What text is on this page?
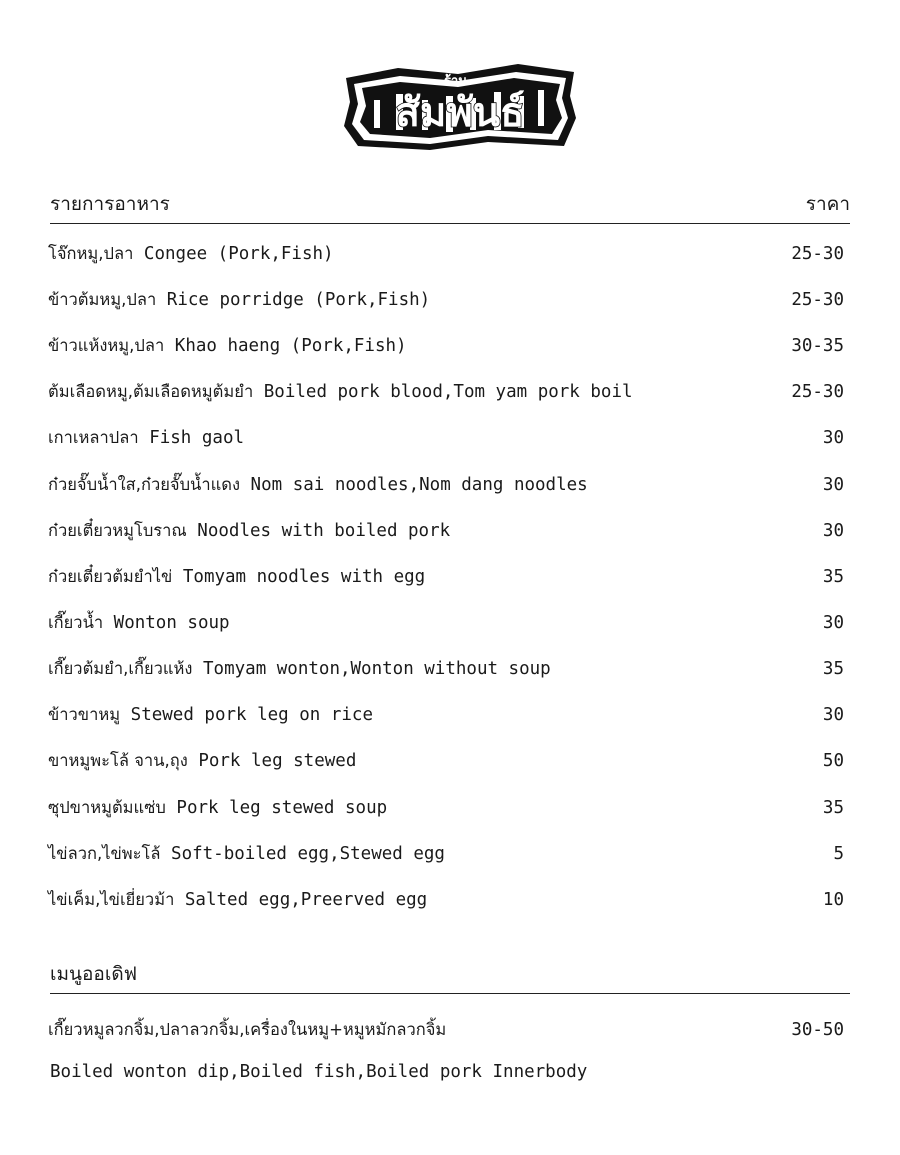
ร้าน
สัมพันธ์
รายการอาหาร	ราคา
โจ๊กหมู,ปลา Congee (Pork,Fish)	25-30
ข้าวต้มหมู,ปลา Rice porridge (Pork,Fish)	25-30
ข้าวแห้งหมู,ปลา Khao haeng (Pork,Fish)	30-35
ต้มเลือดหมู,ต้มเลือดหมูต้มยำ Boiled pork blood,Tom yam pork boil	25-30
เกาเหลาปลา Fish gaol	30
ก๋วยจั๊บน้ำใส,ก๋วยจั๊บน้ำแดง Nom sai noodles,Nom dang noodles	30
ก๋วยเตี๋ยวหมูโบราณ Noodles with boiled pork	30
ก๋วยเตี๋ยวต้มยำไข่ Tomyam noodles with egg	35
เกี๊ยวน้ำ Wonton soup	30
เกี๊ยวต้มยำ,เกี๊ยวแห้ง Tomyam wonton,Wonton without soup	35
ข้าวขาหมู Stewed pork leg on rice	30
ขาหมูพะโล้ จาน,ถุง Pork leg stewed	50
ซุปขาหมูต้มแซ่บ Pork leg stewed soup	35
ไข่ลวก,ไข่พะโล้ Soft-boiled egg,Stewed egg	5
ไข่เค็ม,ไข่เยี่ยวม้า Salted egg,Preerved egg	10
เมนูออเดิฟ
เกี๊ยวหมูลวกจิ้ม,ปลาลวกจิ้ม,เครื่องในหมู+หมูหมักลวกจิ้ม	30-50
Boiled wonton dip,Boiled fish,Boiled pork Innerbody
